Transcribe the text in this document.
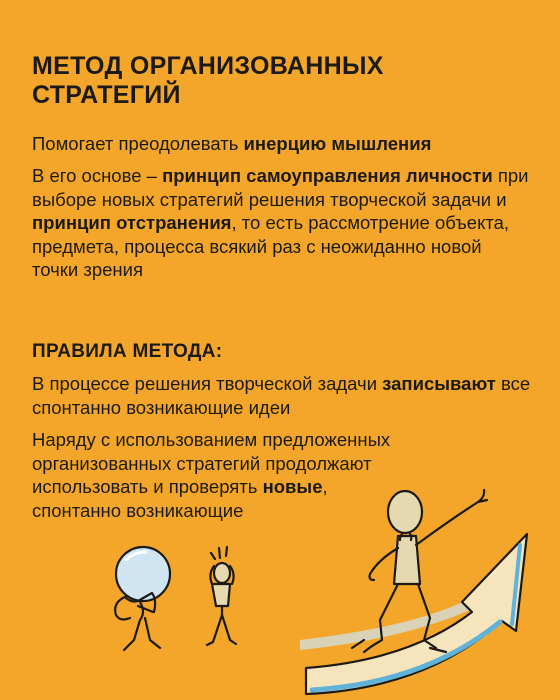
МЕТОД ОРГАНИЗОВАННЫХ
СТРАТЕГИЙ

Помогает преодолевать инерцию мышления

В его основе – принцип самоуправления личности при выборе новых стратегий решения творческой задачи и принцип отстранения, то есть рассмотрение объекта, предмета, процесса всякий раз с неожиданно новой точки зрения

ПРАВИЛА МЕТОДА:

В процессе решения творческой задачи записывают все спонтанно возникающие идеи

Наряду с использованием предложенных организованных стратегий продолжают использовать и проверять новые, спонтанно возникающие
